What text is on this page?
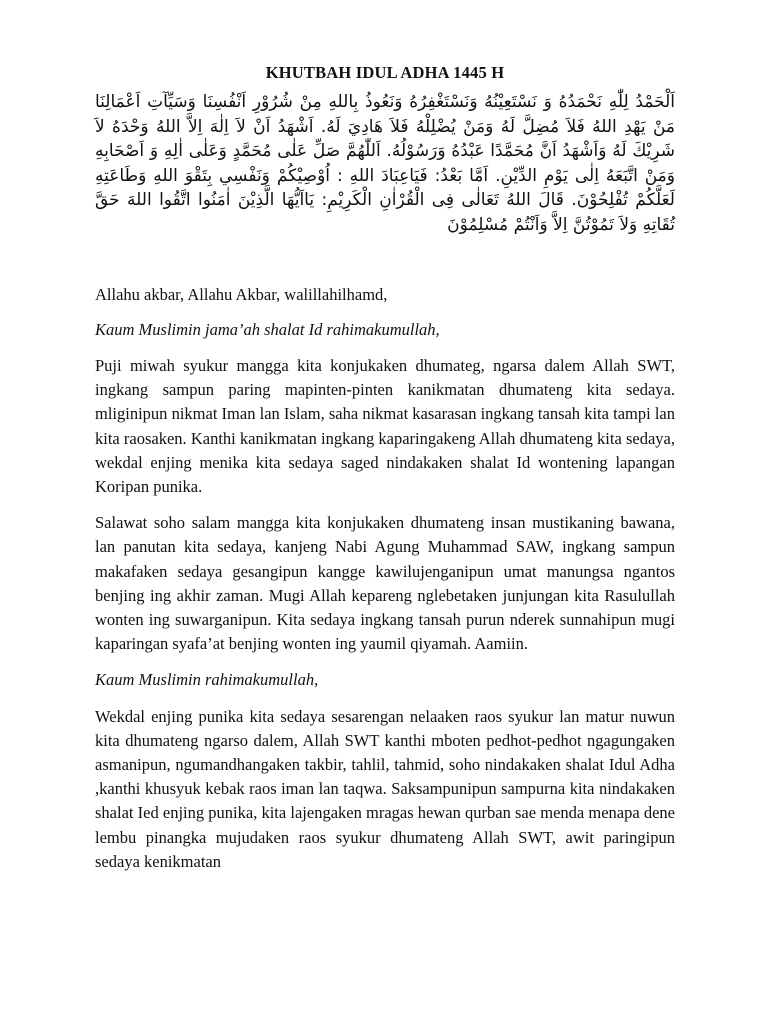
KHUTBAH IDUL ADHA 1445 H

اَلْحَمْدُ لِلّٰهِ نَحْمَدُهُ وَ نَسْتَعِيْنُهُ وَنَسْتَغْفِرُهُ وَنَعُوذُ بِاللهِ مِنْ شُرُوْرِ اَنْفُسِنَا وَسَيِّآتِ اَعْمَالِنَا مَنْ يَهْدِ اللهُ فَلاَ مُضِلَّ لَهُ وَمَنْ يُضْلِلْهُ فَلاَ هَادِيَ لَهُ. اَشْهَدُ اَنْ لاَ اِلٰهَ اِلاَّ اللهُ وَحْدَهُ لاَ شَرِيْكَ لَهُ وَاَشْهَدُ اَنَّ مُحَمَّدًا عَبْدُهُ وَرَسُوْلُهُ. اَللّٰهُمَّ صَلِّ عَلٰى مُحَمَّدٍ وَعَلٰى اٰلِهِ وَ اَصْحَابِهِ وَمَنْ اتَّبَعَهُ اِلٰى يَوْمِ الدِّيْنِ. اَمَّا بَعْدُ: فَيَاعِبَادَ اللهِ : اُوْصِيْكُمْ وَنَفْسِي بِتَقْوَ اللهِ وَطَاعَتِهِ لَعَلَّكُمْ تُفْلِحُوْنَ. قَالَ اللهُ تَعَالٰى فِى الْقُرْاٰنِ الْكَرِيْمِ: يَااَيُّهَا الَّذِيْنَ اٰمَنُوا اتَّقُوا اللهَ حَقَّ تُقَاتِهِ وَلاَ تَمُوْتُنَّ اِلاَّ وَاَنْتُمْ مُسْلِمُوْنَ

Allahu akbar, Allahu Akbar, walillahilhamd,

Kaum Muslimin jama’ah shalat Id rahimakumullah,

Puji miwah syukur mangga kita konjukaken dhumateg, ngarsa dalem Allah SWT, ingkang sampun paring mapinten-pinten kanikmatan dhumateng kita sedaya. mliginipun nikmat Iman lan Islam, saha nikmat kasarasan ingkang tansah kita tampi lan kita raosaken. Kanthi kanikmatan ingkang kaparingakeng Allah dhumateng kita sedaya, wekdal enjing menika kita sedaya saged nindakaken shalat Id wontening lapangan Koripan punika.

Salawat soho salam mangga kita konjukaken dhumateng insan mustikaning bawana, lan panutan kita sedaya, kanjeng Nabi Agung Muhammad SAW, ingkang sampun makafaken sedaya gesangipun kangge kawilujenganipun umat manungsa ngantos benjing ing akhir zaman. Mugi Allah kepareng nglebetaken junjungan kita Rasulullah wonten ing suwarganipun. Kita sedaya ingkang tansah purun nderek sunnahipun mugi kaparingan syafa’at benjing wonten ing yaumil qiyamah. Aamiin.

Kaum Muslimin rahimakumullah,

Wekdal enjing punika kita sedaya sesarengan nelaaken raos syukur lan matur nuwun kita dhumateng ngarso dalem, Allah SWT kanthi mboten pedhot-pedhot ngagungaken asmanipun, ngumandhangaken takbir, tahlil, tahmid, soho nindakaken shalat Idul Adha ,kanthi khusyuk kebak raos iman lan taqwa. Saksampunipun sampurna kita nindakaken shalat Ied enjing punika, kita lajengaken mragas hewan qurban sae menda menapa dene lembu pinangka mujudaken raos syukur dhumateng Allah SWT, awit paringipun sedaya kenikmatan
